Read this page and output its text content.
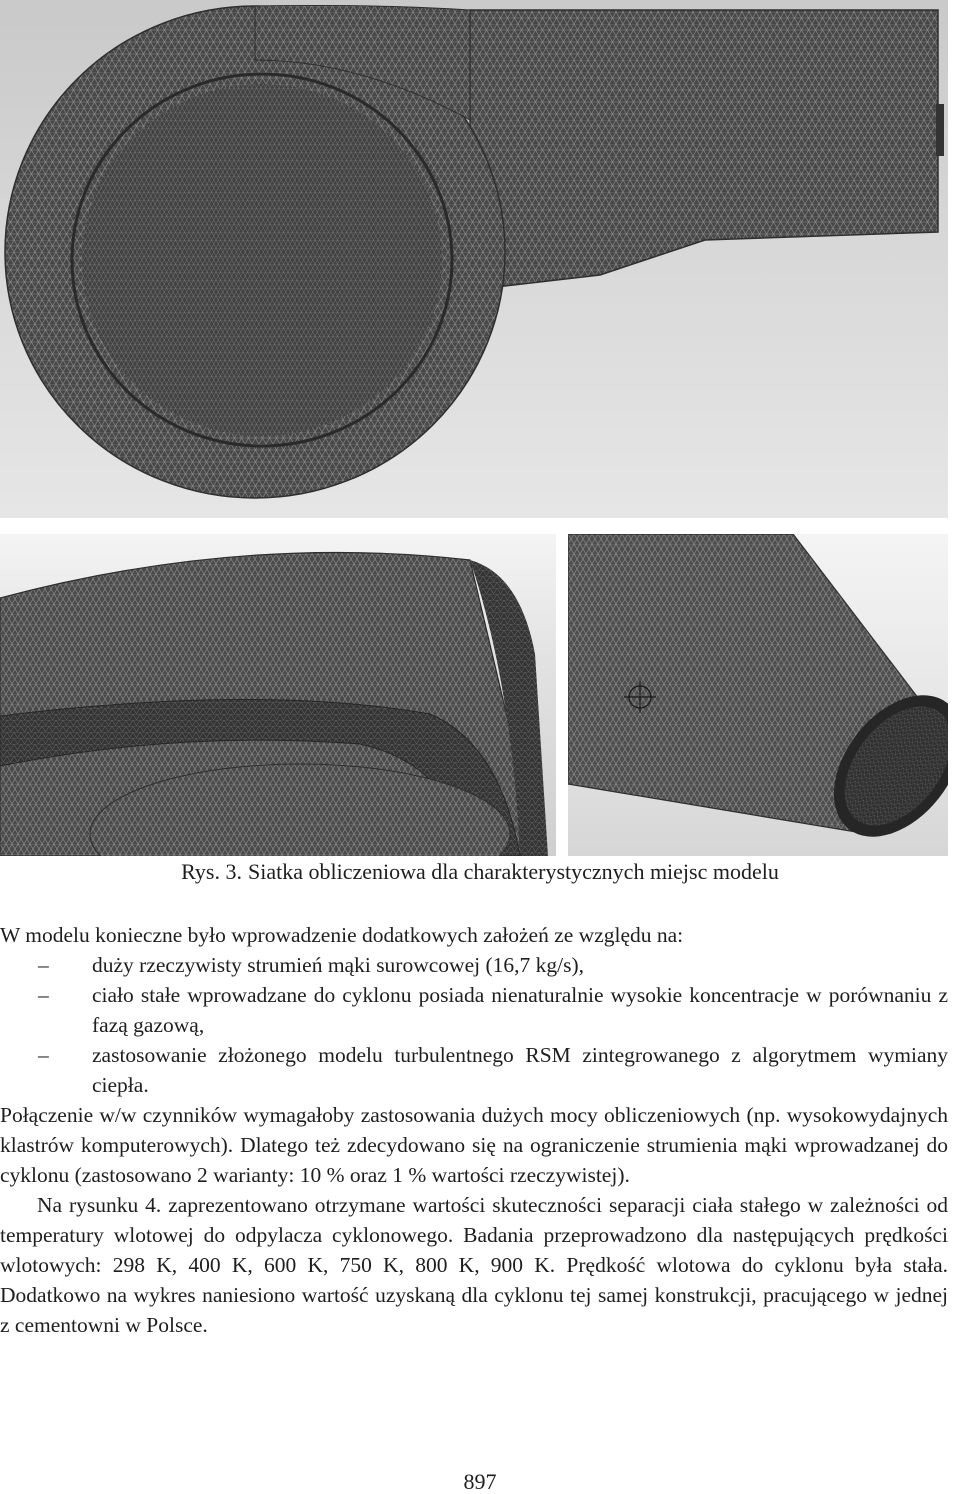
Rys. 3. Siatka obliczeniowa dla charakterystycznych miejsc modelu

W modelu konieczne było wprowadzenie dodatkowych założeń ze względu na:

–	duży rzeczywisty strumień mąki surowcowej (16,7 kg/s),
–	ciało stałe wprowadzane do cyklonu posiada nienaturalnie wysokie koncentracje w porównaniu z fazą gazową,
–	zastosowanie złożonego modelu turbulentnego RSM zintegrowanego z algorytmem wymiany ciepła.

Połączenie w/w czynników wymagałoby zastosowania dużych mocy obliczeniowych (np. wysokowydajnych klastrów komputerowych). Dlatego też zdecydowano się na ograniczenie strumienia mąki wprowadzanej do cyklonu (zastosowano 2 warianty: 10 % oraz 1 % wartości rzeczywistej).

Na rysunku 4. zaprezentowano otrzymane wartości skuteczności separacji ciała stałego w zależności od temperatury wlotowej do odpylacza cyklonowego. Badania przeprowadzono dla następujących prędkości wlotowych: 298 K, 400 K, 600 K, 750 K, 800 K, 900 K. Prędkość wlotowa do cyklonu była stała. Dodatkowo na wykres naniesiono wartość uzyskaną dla cyklonu tej samej konstrukcji, pracującego w jednej z cementowni w Polsce.

897
